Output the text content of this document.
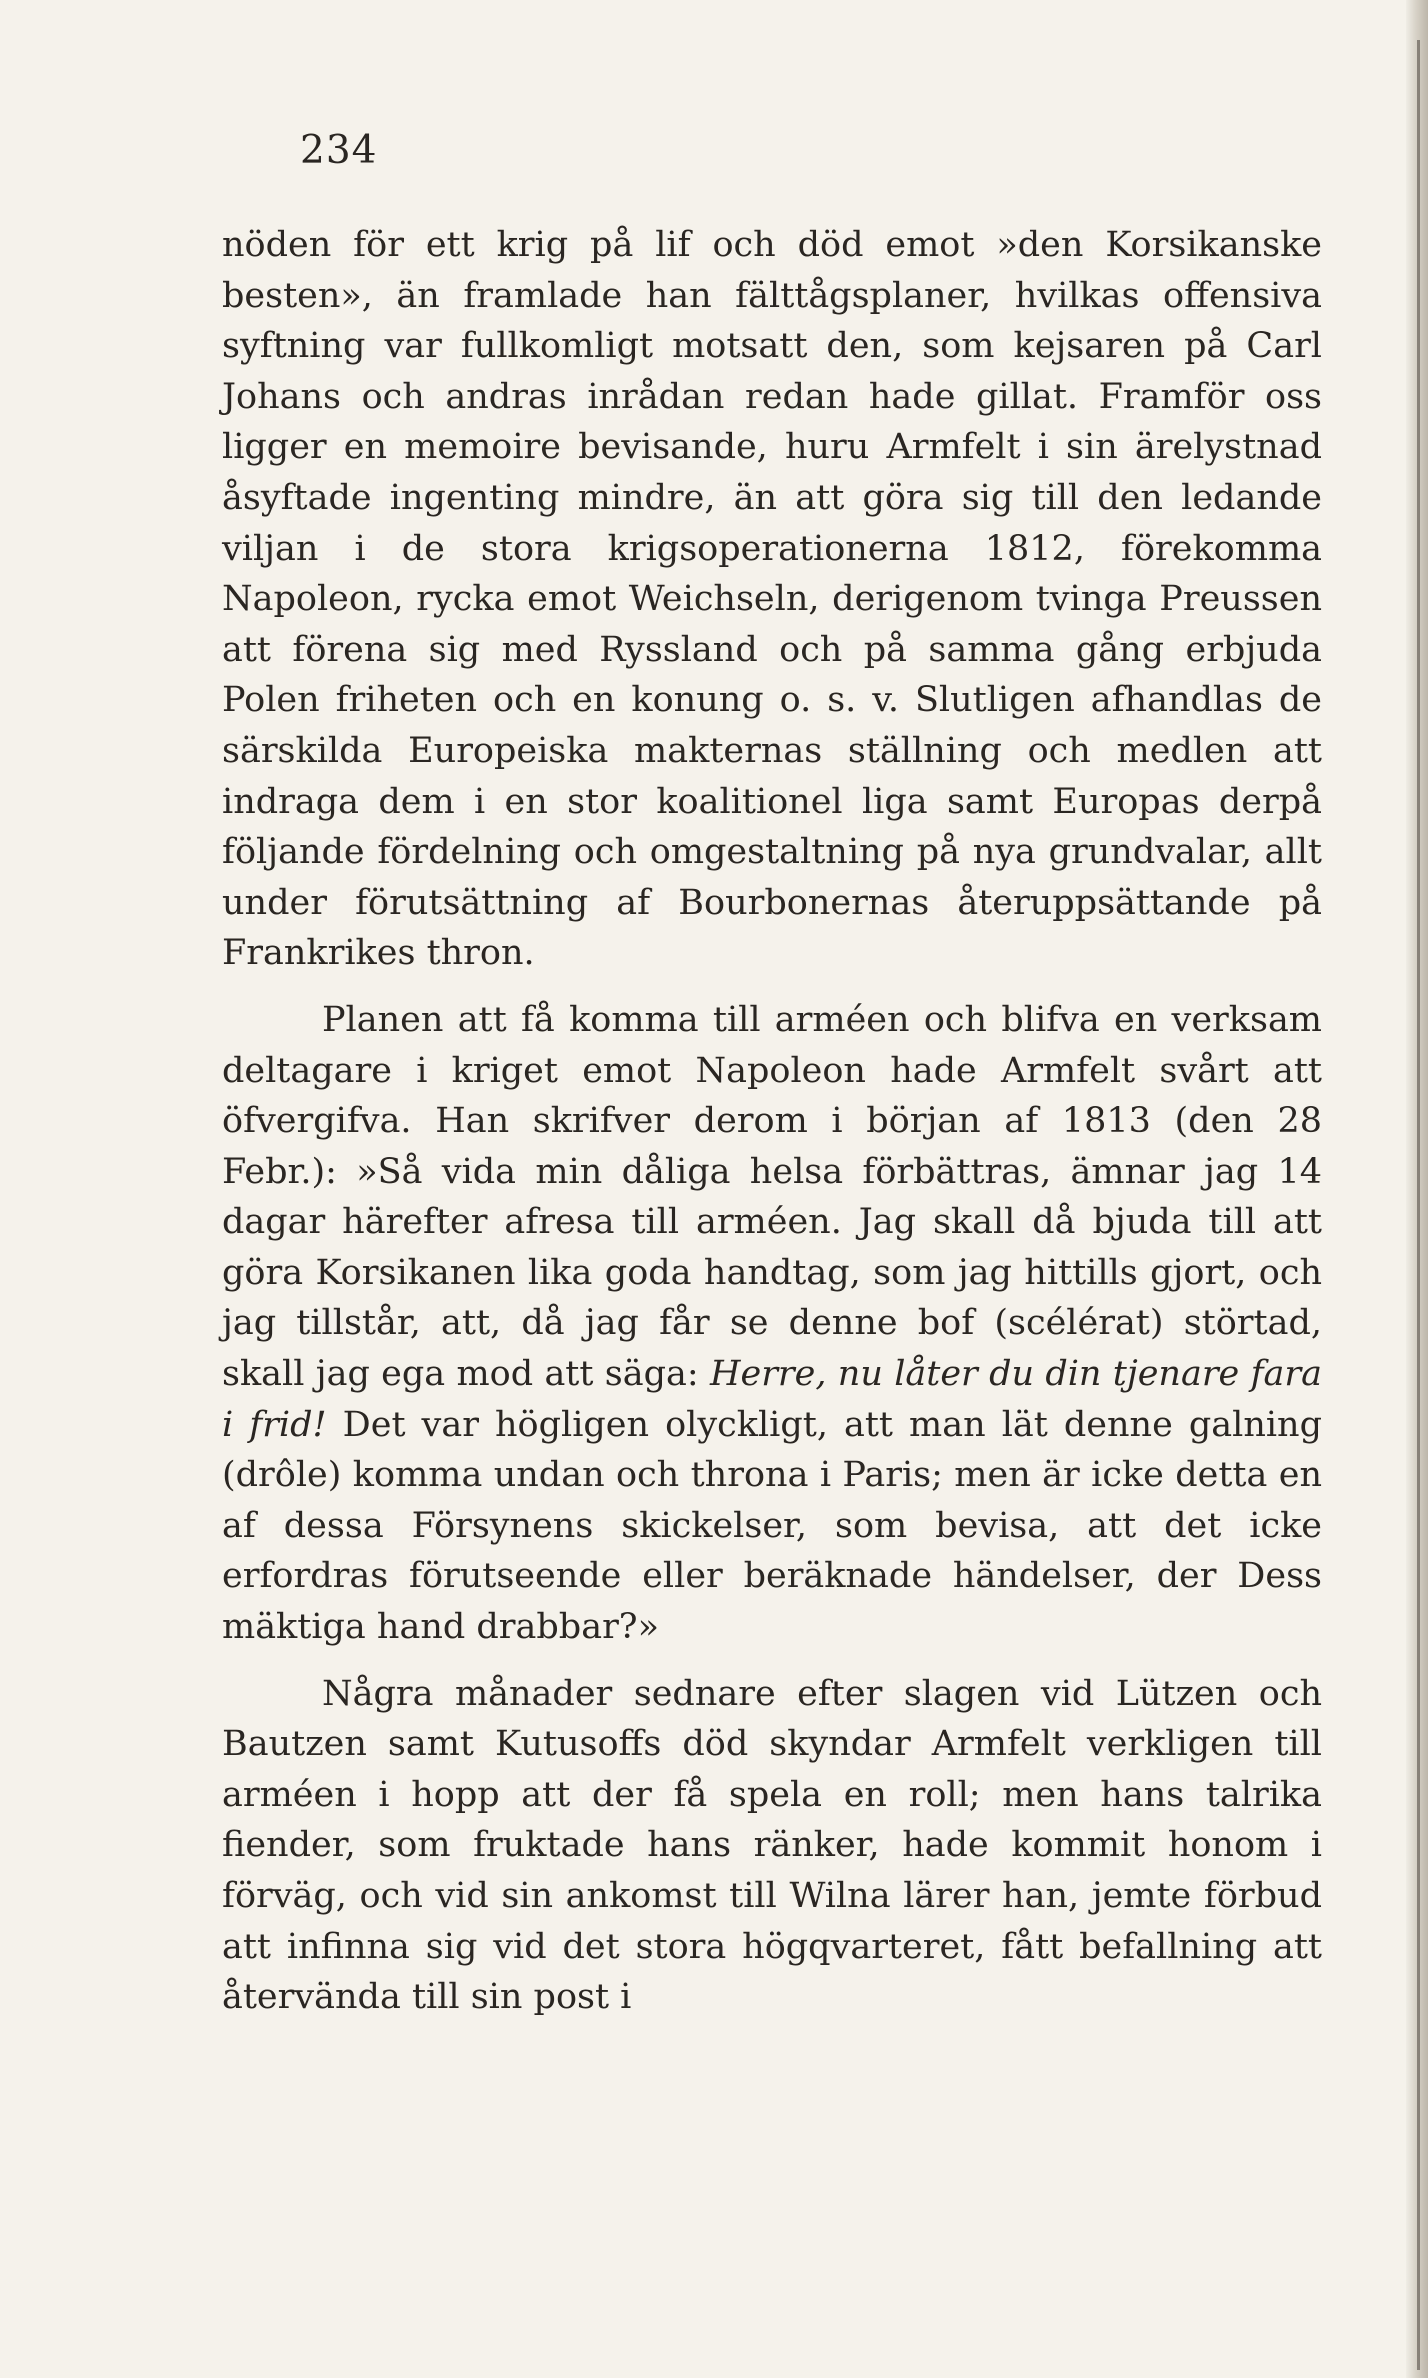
234

nöden för ett krig på lif och död emot »den Korsikanske besten», än framlade han fälttågsplaner, hvilkas offensiva syftning var fullkomligt motsatt den, som kejsaren på Carl Johans och andras inrådan redan hade gillat. Framför oss ligger en memoire bevisande, huru Armfelt i sin ärelystnad åsyftade ingenting mindre, än att göra sig till den ledande viljan i de stora krigsoperationerna 1812, förekomma Napoleon, rycka emot Weichseln, derigenom tvinga Preussen att förena sig med Ryssland och på samma gång erbjuda Polen friheten och en konung o. s. v. Slutligen afhandlas de särskilda Europeiska makternas ställning och medlen att indraga dem i en stor koalitionel liga samt Europas derpå följande fördelning och omgestaltning på nya grundvalar, allt under förutsättning af Bourbonernas återuppsättande på Frankrikes thron.

Planen att få komma till arméen och blifva en verksam deltagare i kriget emot Napoleon hade Armfelt svårt att öfvergifva. Han skrifver derom i början af 1813 (den 28 Febr.): »Så vida min dåliga helsa förbättras, ämnar jag 14 dagar härefter afresa till arméen. Jag skall då bjuda till att göra Korsikanen lika goda handtag, som jag hittills gjort, och jag tillstår, att, då jag får se denne bof (scélérat) störtad, skall jag ega mod att säga: Herre, nu låter du din tjenare fara i frid! Det var högligen olyckligt, att man lät denne galning (drôle) komma undan och throna i Paris; men är icke detta en af dessa Försynens skickelser, som bevisa, att det icke erfordras förutseende eller beräknade händelser, der Dess mäktiga hand drabbar?»

Några månader sednare efter slagen vid Lützen och Bautzen samt Kutusoffs död skyndar Armfelt verkligen till arméen i hopp att der få spela en roll; men hans talrika fiender, som fruktade hans ränker, hade kommit honom i förväg, och vid sin ankomst till Wilna lärer han, jemte förbud att infinna sig vid det stora högqvarteret, fått befallning att återvända till sin post i
